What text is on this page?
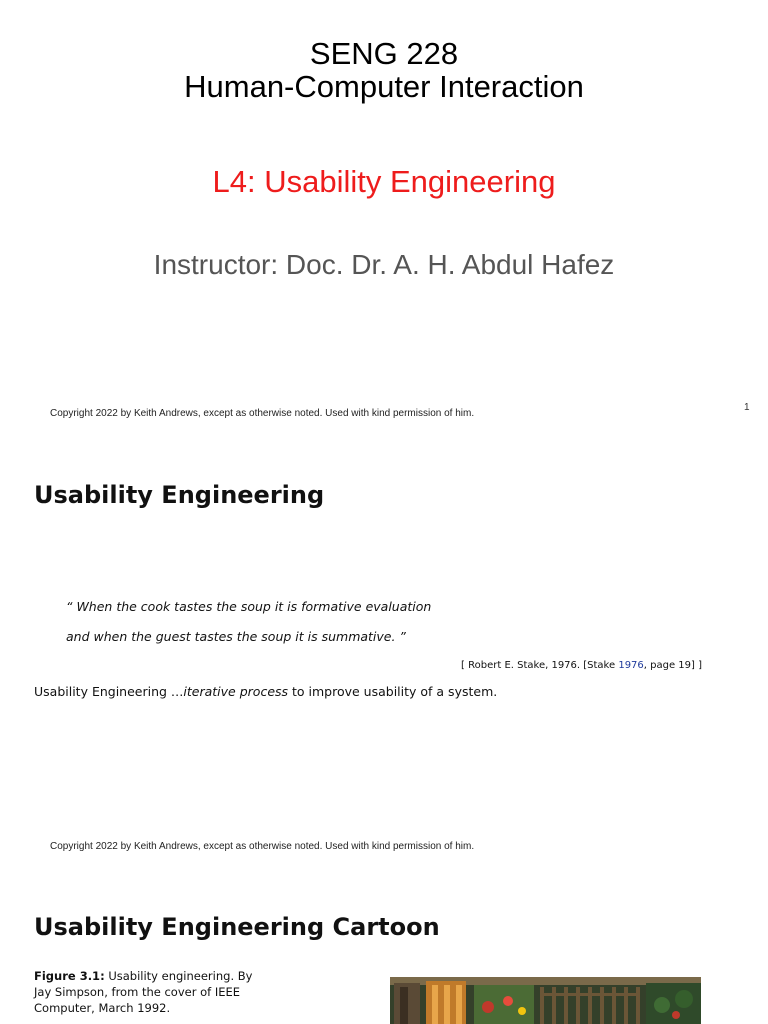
SENG 228
Human-Computer Interaction
L4: Usability Engineering
Instructor: Doc. Dr. A. H. Abdul Hafez
Copyright 2022 by Keith Andrews, except as otherwise noted. Used with kind permission of him.
1
Usability Engineering
“ When the cook tastes the soup it is formative evaluation
and when the guest tastes the soup it is summative. ”
[ Robert E. Stake, 1976. [Stake 1976, page 19] ]
Usability Engineering …iterative process to improve usability of a system.
Copyright 2022 by Keith Andrews, except as otherwise noted. Used with kind permission of him.
Usability Engineering Cartoon
Figure 3.1: Usability engineering. By Jay Simpson, from the cover of IEEE Computer, March 1992.
